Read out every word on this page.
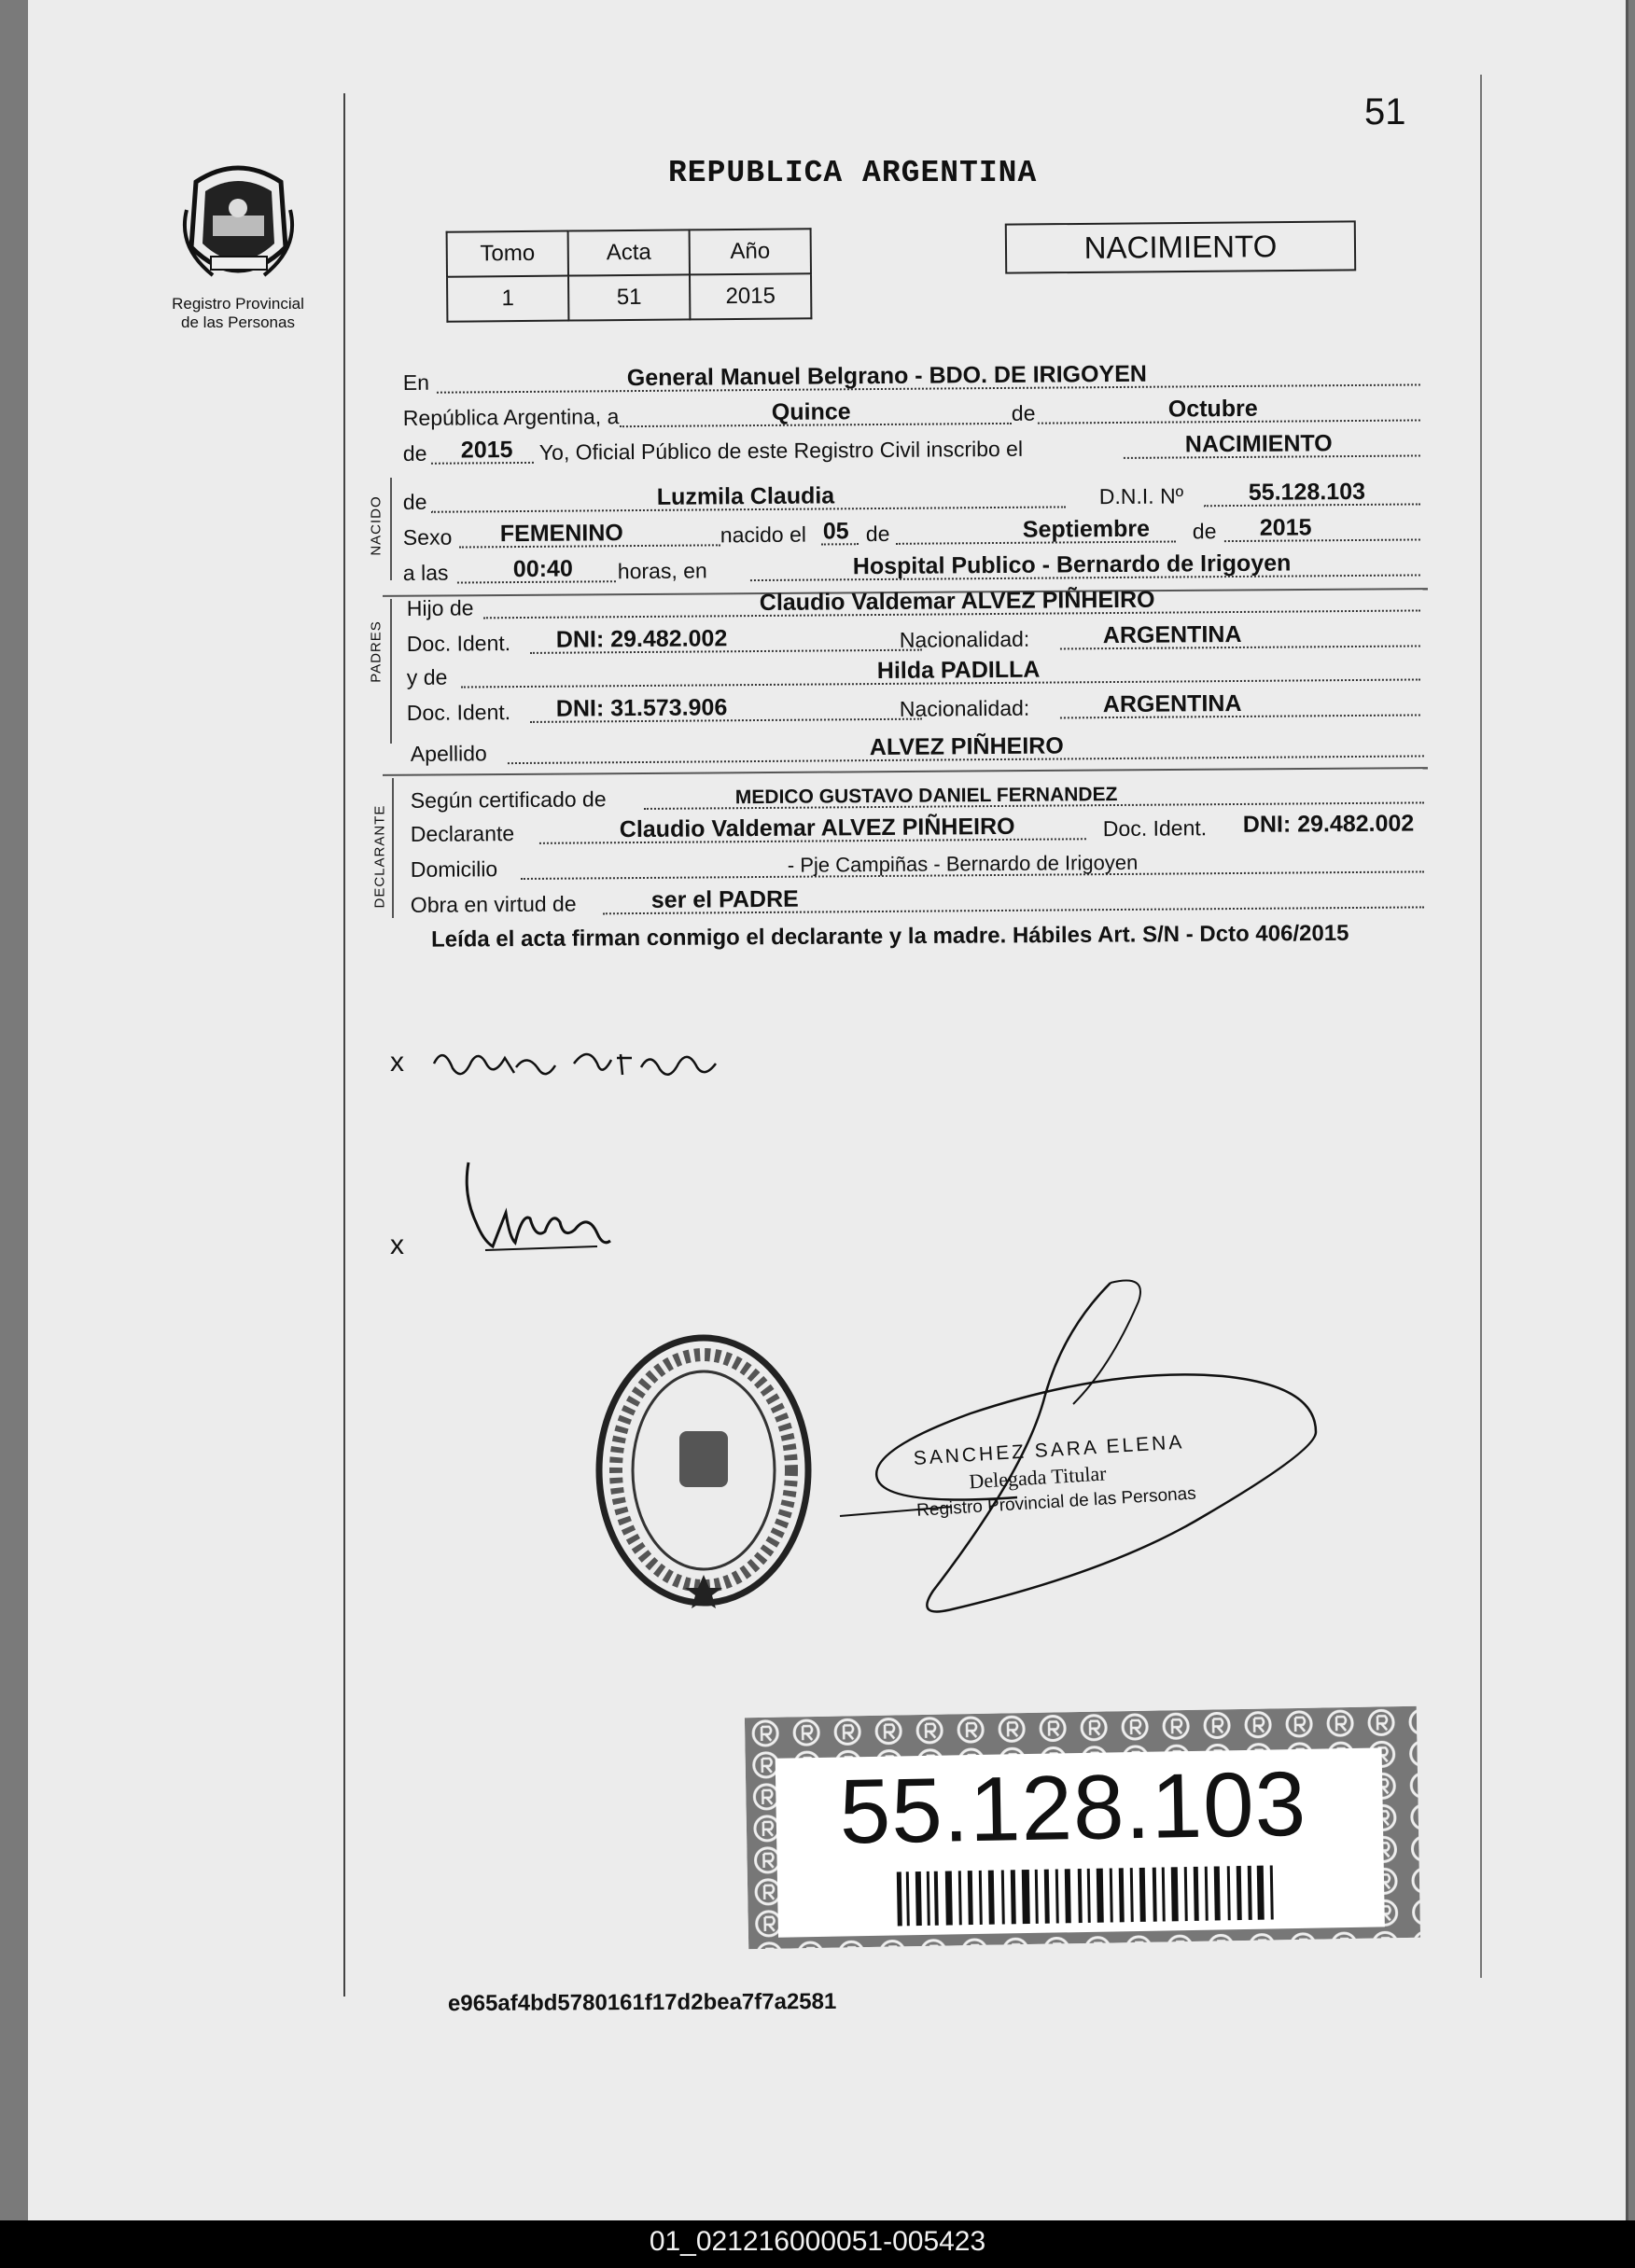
01_021216000051-005423
51
Registro Provincial
de las Personas
REPUBLICA ARGENTINA
Tomo	Acta	Año
1	51	2015
NACIMIENTO
En	General Manuel Belgrano - BDO. DE IRIGOYEN
República Argentina, a	Quince	de	Octubre
de 2015 Yo, Oficial Público de este Registro Civil inscribo el	NACIMIENTO
NACIDO de	Luzmila Claudia	D.N.I. Nº	55.128.103
Sexo FEMENINO	nacido el 05 de	Septiembre de 2015
a las	00:40 horas, en	Hospital Publico - Bernardo de Irigoyen
PADRES
Hijo de	Claudio Valdemar ALVEZ PIÑHEIRO
Doc. Ident. DNI: 29.482.002	Nacionalidad:	ARGENTINA
y de	Hilda PADILLA
Doc. Ident. DNI: 31.573.906	Nacionalidad:	ARGENTINA
Apellido	ALVEZ PIÑHEIRO
DECLARANTE
Según certificado de	MEDICO GUSTAVO DANIEL FERNANDEZ
Declarante	Claudio Valdemar ALVEZ PIÑHEIRO	Doc. Ident. DNI: 29.482.002
Domicilio	- Pje Campiñas - Bernardo de Irigoyen
Obra en virtud de	ser el PADRE
Leída el acta firman conmigo el declarante y la madre. Hábiles Art. S/N - Dcto 406/2015
x
x
SANCHEZ SARA ELENA
Delegada Titular
Registro Provincial de las Personas
55.128.103
e965af4bd5780161f17d2bea7f7a2581
